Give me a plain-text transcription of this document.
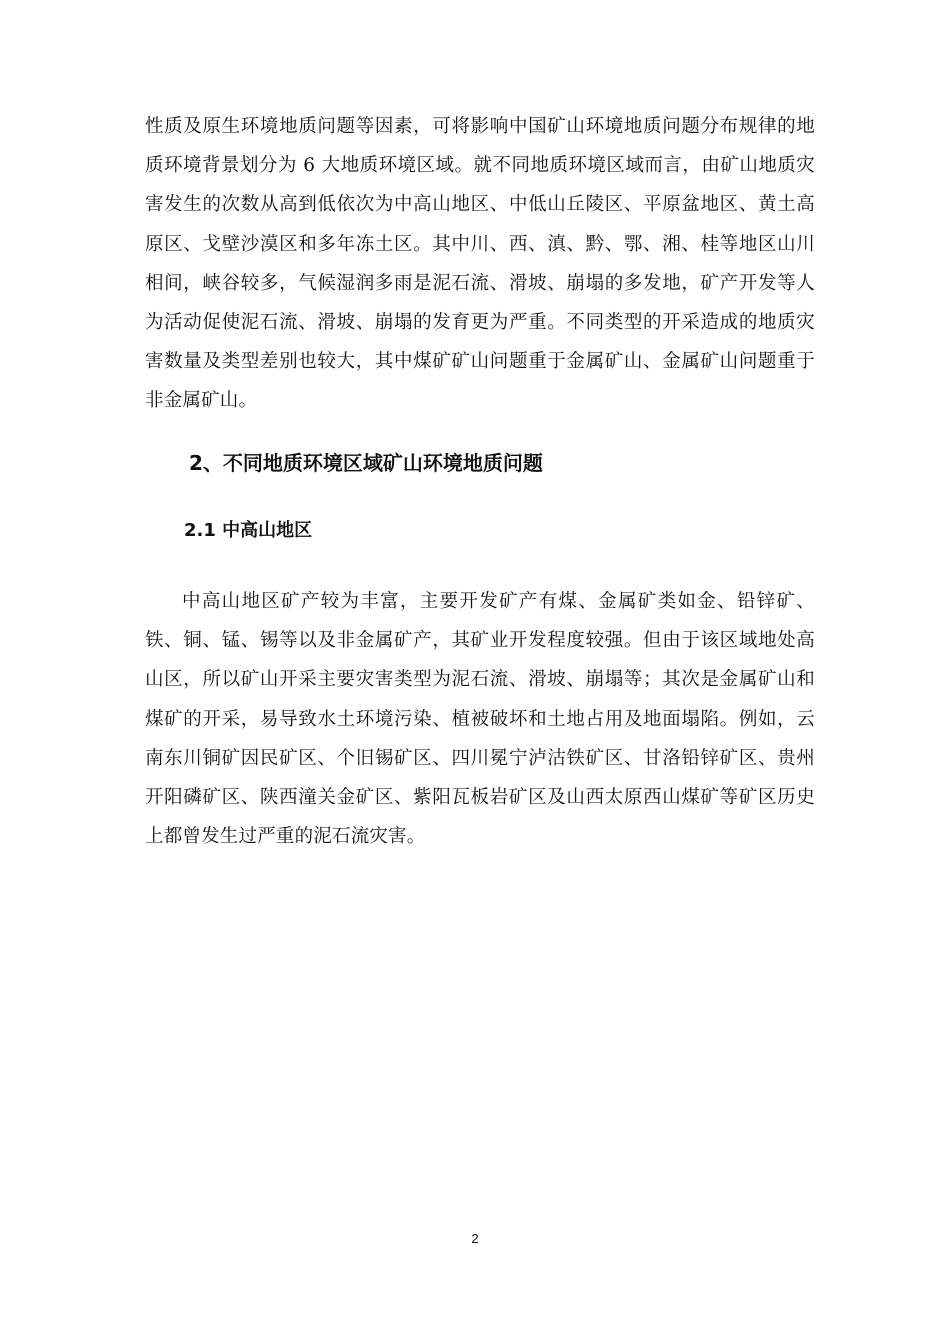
性质及原生环境地质问题等因素，可将影响中国矿山环境地质问题分布规律的地质环境背景划分为 6 大地质环境区域。就不同地质环境区域而言，由矿山地质灾害发生的次数从高到低依次为中高山地区、中低山丘陵区、平原盆地区、黄土高原区、戈壁沙漠区和多年冻土区。其中川、西、滇、黔、鄂、湘、桂等地区山川相间，峡谷较多，气候湿润多雨是泥石流、滑坡、崩塌的多发地，矿产开发等人为活动促使泥石流、滑坡、崩塌的发育更为严重。不同类型的开采造成的地质灾害数量及类型差别也较大，其中煤矿矿山问题重于金属矿山、金属矿山问题重于非金属矿山。

2、不同地质环境区域矿山环境地质问题
2.1 中高山地区

中高山地区矿产较为丰富，主要开发矿产有煤、金属矿类如金、铅锌矿、铁、铜、锰、锡等以及非金属矿产，其矿业开发程度较强。但由于该区域地处高山区，所以矿山开采主要灾害类型为泥石流、滑坡、崩塌等；其次是金属矿山和煤矿的开采，易导致水土环境污染、植被破坏和土地占用及地面塌陷。例如，云南东川铜矿因民矿区、个旧锡矿区、四川冕宁泸沽铁矿区、甘洛铅锌矿区、贵州开阳磷矿区、陕西潼关金矿区、紫阳瓦板岩矿区及山西太原西山煤矿等矿区历史上都曾发生过严重的泥石流灾害。

2
